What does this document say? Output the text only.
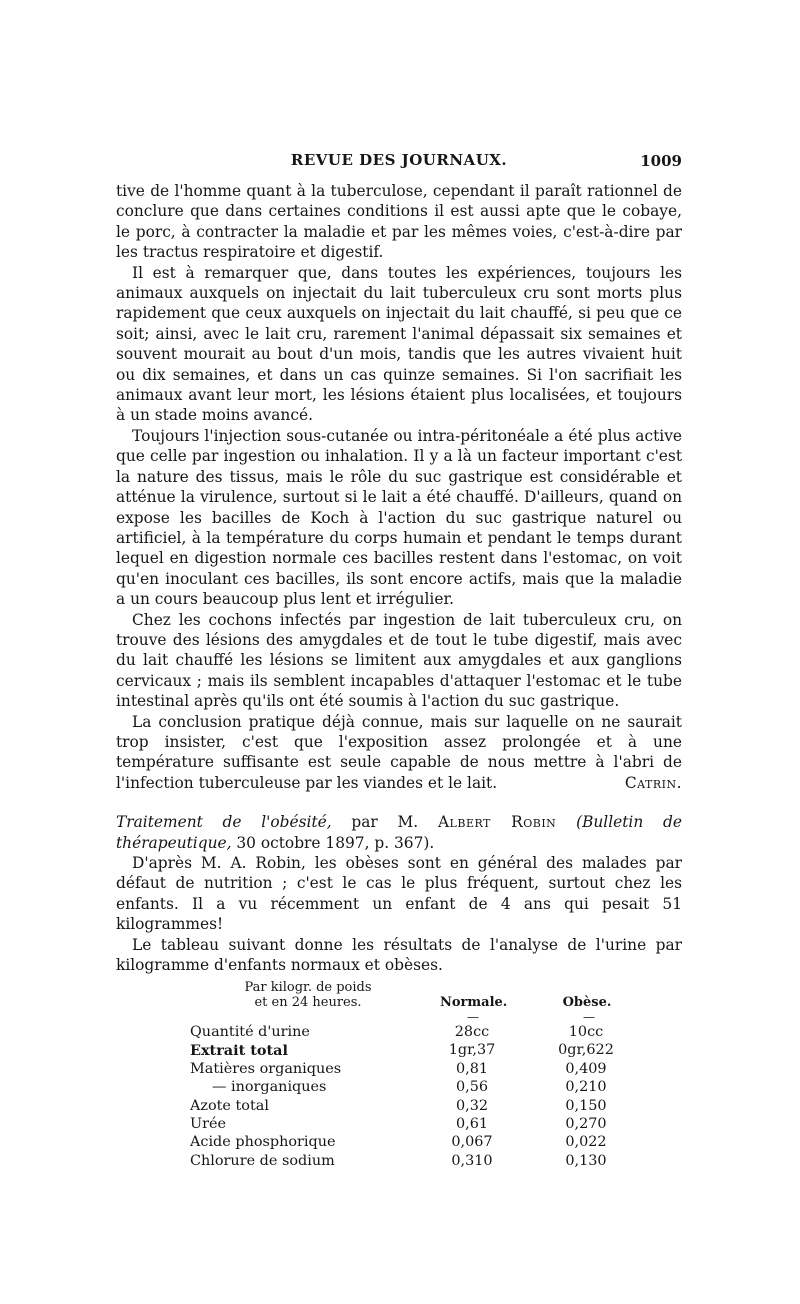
REVUE DES JOURNAUX.	1009

tive de l'homme quant à la tuberculose, cependant il paraît rationnel de conclure que dans certaines conditions il est aussi apte que le cobaye, le porc, à contracter la maladie et par les mêmes voies, c'est-à-dire par les tractus respiratoire et digestif.

Il est à remarquer que, dans toutes les expériences, toujours les animaux auxquels on injectait du lait tuberculeux cru sont morts plus rapidement que ceux auxquels on injectait du lait chauffé, si peu que ce soit; ainsi, avec le lait cru, rarement l'animal dépassait six semaines et souvent mourait au bout d'un mois, tandis que les autres vivaient huit ou dix semaines, et dans un cas quinze semaines. Si l'on sacrifiait les animaux avant leur mort, les lésions étaient plus localisées, et toujours à un stade moins avancé.

Toujours l'injection sous-cutanée ou intra-péritonéale a été plus active que celle par ingestion ou inhalation. Il y a là un facteur important c'est la nature des tissus, mais le rôle du suc gastrique est considérable et atténue la virulence, surtout si le lait a été chauffé. D'ailleurs, quand on expose les bacilles de Koch à l'action du suc gastrique naturel ou artificiel, à la température du corps humain et pendant le temps durant lequel en digestion normale ces bacilles restent dans l'estomac, on voit qu'en inoculant ces bacilles, ils sont encore actifs, mais que la maladie a un cours beaucoup plus lent et irrégulier.

Chez les cochons infectés par ingestion de lait tuberculeux cru, on trouve des lésions des amygdales et de tout le tube digestif, mais avec du lait chauffé les lésions se limitent aux amygdales et aux ganglions cervicaux ; mais ils semblent incapables d'attaquer l'estomac et le tube intestinal après qu'ils ont été soumis à l'action du suc gastrique.

La conclusion pratique déjà connue, mais sur laquelle on ne saurait trop insister, c'est que l'exposition assez prolongée et à une température suffisante est seule capable de nous mettre à l'abri de l'infection tuberculeuse par les viandes et le lait.	Catrin.

Traitement de l'obésité, par M. Albert Robin (Bulletin de thérapeutique, 30 octobre 1897, p. 367).

D'après M. A. Robin, les obèses sont en général des malades par défaut de nutrition ; c'est le cas le plus fréquent, surtout chez les enfants. Il a vu récemment un enfant de 4 ans qui pesait 51 kilogrammes!

Le tableau suivant donne les résultats de l'analyse de l'urine par kilogramme d'enfants normaux et obèses.

Par kilogr. de poids
et en 24 heures.	Normale.	Obèse.
—	—
Quantité d'urine . . .	28cc	10cc
Extrait total . . .	1gr,37	0gr,622
Matières organiques . . .	0,81	0,409
— inorganiques . . .	0,56	0,210
Azote total . . .	0,32	0,150
Urée . . .	0,61	0,270
Acide phosphorique . . .	0,067	0,022
Chlorure de sodium . . .	0,310	0,130
